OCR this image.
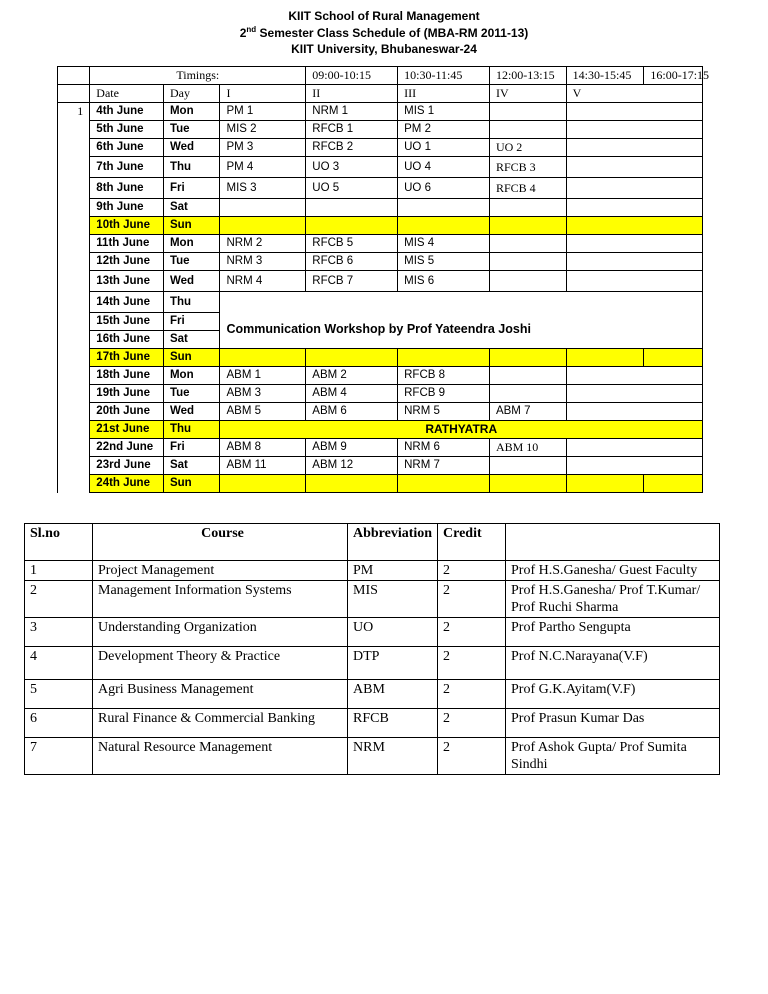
KIIT School of Rural Management
2nd Semester Class Schedule of (MBA-RM 2011-13)
KIIT University, Bhubaneswar-24
	Timings:			09:00-10:15	10:30-11:45	12:00-13:15	14:30-15:45	16:00-17:15
	Date	Day	I	II	III	IV	V	
1	4th June	Mon	PM 1	NRM 1	MIS 1			
	5th June	Tue	MIS 2	RFCB 1	PM 2			
	6th June	Wed	PM 3	RFCB 2	UO 1	UO 2		
	7th June	Thu	PM 4	UO 3	UO 4	RFCB 3		
	8th June	Fri	MIS 3	UO 5	UO 6	RFCB 4		
	9th June	Sat						
	10th June	Sun						
	11th June	Mon	NRM 2	RFCB 5	MIS 4			
	12th June	Tue	NRM 3	RFCB 6	MIS 5			
	13th June	Wed	NRM 4	RFCB 7	MIS 6			
	14th June	Thu	Communication Workshop by Prof Yateendra Joshi					
	15th June	Fri						
	16th June	Sat						
	17th June	Sun						
	18th June	Mon	ABM 1	ABM 2	RFCB 8			
	19th June	Tue	ABM 3	ABM 4	RFCB 9			
	20th June	Wed	ABM 5	ABM 6	NRM 5	ABM 7		
	21st June	Thu	RATHYATRA					
	22nd June	Fri	ABM 8	ABM 9	NRM 6	ABM 10		
	23rd June	Sat	ABM 11	ABM 12	NRM 7			
	24th June	Sun						
Sl.no	Course	Abbreviation	Credit	
1	Project Management	PM	2	Prof H.S.Ganesha/ Guest Faculty
2	Management Information Systems	MIS	2	Prof H.S.Ganesha/ Prof T.Kumar/ Prof Ruchi Sharma
3	Understanding Organization	UO	2	Prof Partho Sengupta
4	Development Theory & Practice	DTP	2	Prof N.C.Narayana(V.F)
5	Agri Business Management	ABM	2	Prof G.K.Ayitam(V.F)
6	Rural Finance & Commercial Banking	RFCB	2	Prof Prasun Kumar Das
7	Natural Resource Management	NRM	2	Prof Ashok Gupta/ Prof Sumita Sindhi
